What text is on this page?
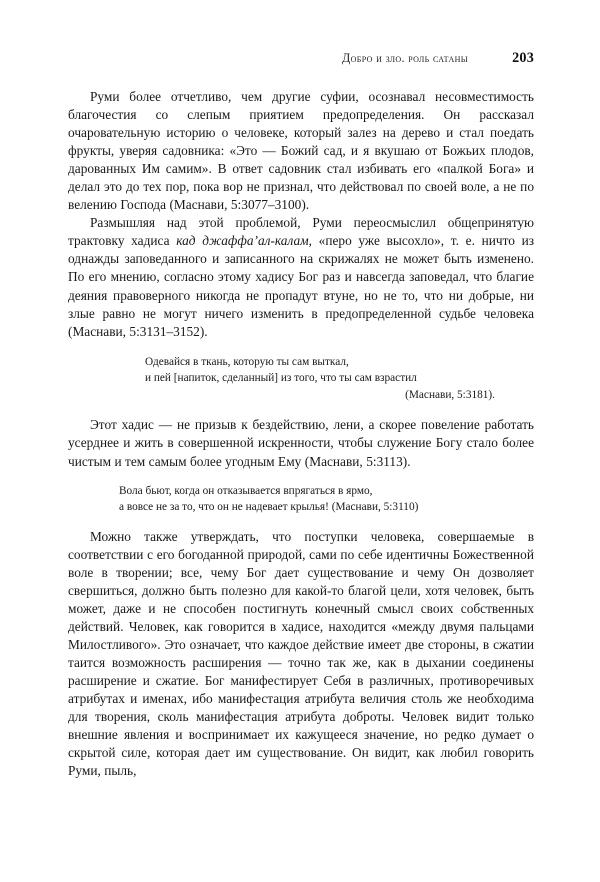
Добро и зло. роль сатаны	203

Руми более отчетливо, чем другие суфии, осознавал несовместимость благочестия со слепым приятием предопределения. Он рассказал очаровательную историю о человеке, который залез на дерево и стал поедать фрукты, уверяя садовника: «Это — Божий сад, и я вкушаю от Божьих плодов, дарованных Им самим». В ответ садовник стал избивать его «палкой Бога» и делал это до тех пор, пока вор не признал, что действовал по своей воле, а не по велению Господа (Маснави, 5:3077–3100).

Размышляя над этой проблемой, Руми переосмыслил общепринятую трактовку хадиса кад джаффа’ал-калам, «перо уже высохло», т. е. ничто из однажды заповеданного и записанного на скрижалях не может быть изменено. По его мнению, согласно этому хадису Бог раз и навсегда заповедал, что благие деяния правоверного никогда не пропадут втуне, но не то, что ни добрые, ни злые равно не могут ничего изменить в предопределенной судьбе человека (Маснави, 5:3131–3152).

Одевайся в ткань, которую ты сам выткал,
и пей [напиток, сделанный] из того, что ты сам взрастил
(Маснави, 5:3181).

Этот хадис — не призыв к бездействию, лени, а скорее повеление работать усерднее и жить в совершенной искренности, чтобы служение Богу стало более чистым и тем самым более угодным Ему (Маснави, 5:3113).

Вола бьют, когда он отказывается впрягаться в ярмо,
а вовсе не за то, что он не надевает крылья! (Маснави, 5:3110)

Можно также утверждать, что поступки человека, совершаемые в соответствии с его богоданной природой, сами по себе идентичны Божественной воле в творении; все, чему Бог дает существование и чему Он дозволяет свершиться, должно быть полезно для какой-то благой цели, хотя человек, быть может, даже и не способен постигнуть конечный смысл своих собственных действий. Человек, как говорится в хадисе, находится «между двумя пальцами Милостливого». Это означает, что каждое действие имеет две стороны, в сжатии таится возможность расширения — точно так же, как в дыхании соединены расширение и сжатие. Бог манифестирует Себя в различных, противоречивых атрибутах и именах, ибо манифестация атрибута величия столь же необходима для творения, сколь манифестация атрибута доброты. Человек видит только внешние явления и воспринимает их кажущееся значение, но редко думает о скрытой силе, которая дает им существование. Он видит, как любил говорить Руми, пыль,
